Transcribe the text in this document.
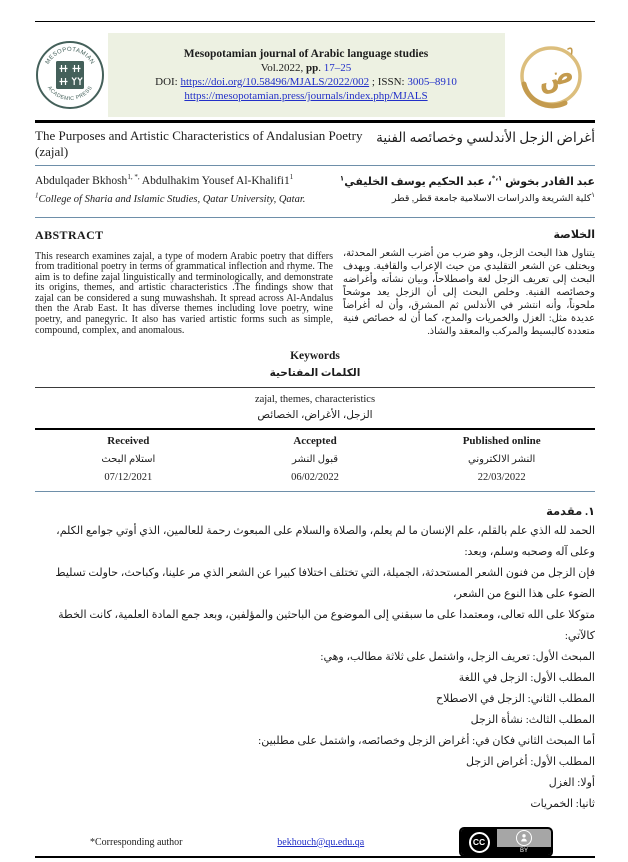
MESOPOTAMIAN
ACADEMIC PRESS
Mesopotamian journal of Arabic language studies
Vol.2022, pp. 17–25
DOI: https://doi.org/10.58496/MJALS/2022/002 ; ISSN: 3005–8910
https://mesopotamian.press/journals/index.php/MJALS
ض
The Purposes and Artistic Characteristics of Andalusian Poetry (zajal)
أغراض الزجل الأندلسي وخصائصه الفنية
Abdulqader Bkhosh$^{1, *,}$ Abdulhakim Yousef $Al-Khalifi1^1$
$^1$College of Sharia and Islamic Studies, Qatar University, Qatar.
عبد القادر بخوش $^{١،*}$، عبد الحكيم يوسف الخليفي$^١$
$^١$كلية الشريعة والدراسات الاسلامية جامعة قطر, قطر
ABSTRACT
This research examines zajal, a type of modern Arabic poetry that differs from traditional poetry in terms of grammatical inflection and rhyme. The aim is to define zajal linguistically and terminologically, and demonstrate its origins, themes, and artistic characteristics .The findings show that zajal can be considered a sung muwashshah. It spread across Al-Andalus then the Arab East. It has diverse themes including love poetry, wine poetry, and panegyric. It also has varied artistic forms such as simple, compound, complex, and anomalous.
الخلاصة
يتناول هذا البحث الزجل، وهو ضرب من أضرب الشعر المحدثة، ويختلف عن الشعر التقليدي من حيث الإعراب والقافية. ويهدف البحث إلى تعريف الزجل لغة واصطلاحاً، وبيان نشأته وأغراضه وخصائصه الفنية. وخلص البحث إلى أن الزجل يعد موشحاً ملحوناً، وأنه انتشر في الأندلس ثم المشرق، وأن له أغراضاً عديدة مثل: الغزل والخمريات والمدح، كما أن له خصائص فنية متعددة كالبسيط والمركب والمعقد والشاذ.
Keywords
الكلمات المفتاحية
zajal, themes, characteristics
الزجل، الأغراض، الخصائص
Received
استلام البحث
07/12/2021
Accepted
قبول النشر
06/02/2022
Published online
النشر الالكتروني
22/03/2022
١. مقدمة
الحمد لله الذي علم بالقلم، علم الإنسان ما لم يعلم، والصلاة والسلام على المبعوث رحمة للعالمين، الذي أوتي جوامع الكلم، وعلى آله وصحبه وسلم، وبعد:
فإن الزجل من فنون الشعر المستحدثة، الجميلة، التي تختلف اختلافا كبيرا عن الشعر الذي مر علينا، وكباحث، حاولت تسليط الضوء على هذا النوع من الشعر،
متوكلا على الله تعالى، ومعتمدا على ما سبقني إلى الموضوع من الباحثين والمؤلفين، وبعد جمع المادة العلمية، كانت الخطة كالآتي:
المبحث الأول: تعريف الزجل، واشتمل على ثلاثة مطالب، وهي:
المطلب الأول: الزجل في اللغة
المطلب الثاني: الزجل في الاصطلاح
المطلب الثالث: نشأة الزجل
أما المبحث الثاني فكان في: أغراض الزجل وخصائصه، واشتمل على مطلبين:
المطلب الأول: أغراض الزجل
أولا: الغزل
ثانيا: الخمريات
*Corresponding author	bekhouch@qu.edu.qa	CC
BY
